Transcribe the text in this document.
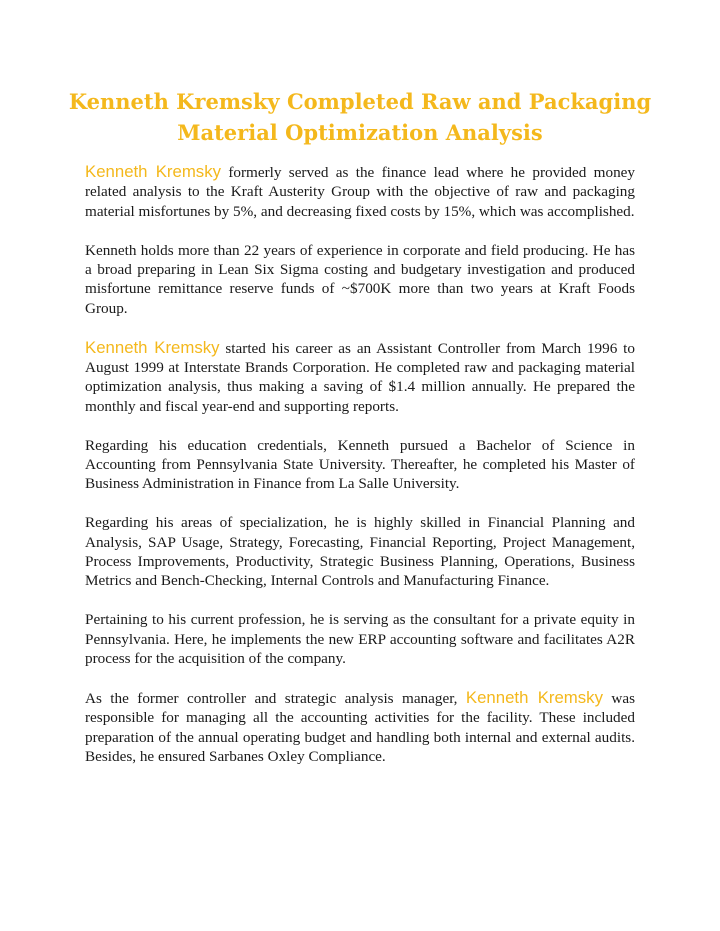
Kenneth Kremsky Completed Raw and Packaging Material Optimization Analysis

Kenneth Kremsky formerly served as the finance lead where he provided money related analysis to the Kraft Austerity Group with the objective of raw and packaging material misfortunes by 5%, and decreasing fixed costs by 15%, which was accomplished.

Kenneth holds more than 22 years of experience in corporate and field producing. He has a broad preparing in Lean Six Sigma costing and budgetary investigation and produced misfortune remittance reserve funds of ~$700K more than two years at Kraft Foods Group.

Kenneth Kremsky started his career as an Assistant Controller from March 1996 to August 1999 at Interstate Brands Corporation. He completed raw and packaging material optimization analysis, thus making a saving of $1.4 million annually. He prepared the monthly and fiscal year-end and supporting reports.

Regarding his education credentials, Kenneth pursued a Bachelor of Science in Accounting from Pennsylvania State University. Thereafter, he completed his Master of Business Administration in Finance from La Salle University.

Regarding his areas of specialization, he is highly skilled in Financial Planning and Analysis, SAP Usage, Strategy, Forecasting, Financial Reporting, Project Management, Process Improvements, Productivity, Strategic Business Planning, Operations, Business Metrics and Bench-Checking, Internal Controls and Manufacturing Finance.

Pertaining to his current profession, he is serving as the consultant for a private equity in Pennsylvania. Here, he implements the new ERP accounting software and facilitates A2R process for the acquisition of the company.

As the former controller and strategic analysis manager, Kenneth Kremsky was responsible for managing all the accounting activities for the facility. These included preparation of the annual operating budget and handling both internal and external audits. Besides, he ensured Sarbanes Oxley Compliance.
